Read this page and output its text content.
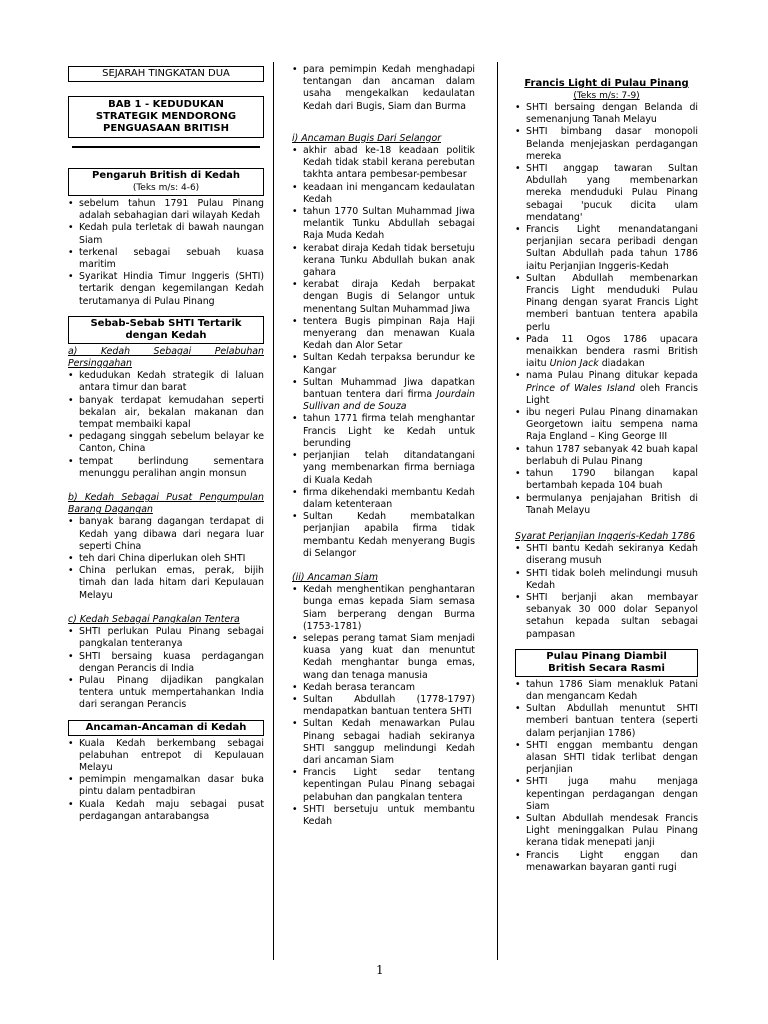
SEJARAH TINGKATAN DUA
BAB 1 - KEDUDUKAN STRATEGIK MENDORONG PENGUASAAN BRITISH
Pengaruh British di Kedah
(Teks m/s: 4-6)
• sebelum tahun 1791 Pulau Pinang adalah sebahagian dari wilayah Kedah
• Kedah pula terletak di bawah naungan Siam
• terkenal sebagai sebuah kuasa maritim
• Syarikat Hindia Timur Inggeris (SHTI) tertarik dengan kegemilangan Kedah terutamanya di Pulau Pinang
Sebab-Sebab SHTI Tertarik dengan Kedah
a) Kedah Sebagai Pelabuhan Persinggahan
• kedudukan Kedah strategik di laluan antara timur dan barat
• banyak terdapat kemudahan seperti bekalan air, bekalan makanan dan tempat membaiki kapal
• pedagang singgah sebelum belayar ke Canton, China
• tempat berlindung sementara menunggu peralihan angin monsun
b) Kedah Sebagai Pusat Pengumpulan Barang Dagangan
• banyak barang dagangan terdapat di Kedah yang dibawa dari negara luar seperti China
• teh dari China diperlukan oleh SHTI
• China perlukan emas, perak, bijih timah dan lada hitam dari Kepulauan Melayu
c) Kedah Sebagai Pangkalan Tentera
• SHTI perlukan Pulau Pinang sebagai pangkalan tenteranya
• SHTI bersaing kuasa perdagangan dengan Perancis di India
• Pulau Pinang dijadikan pangkalan tentera untuk mempertahankan India dari serangan Perancis
Ancaman-Ancaman di Kedah
• Kuala Kedah berkembang sebagai pelabuhan entrepot di Kepulauan Melayu
• pemimpin mengamalkan dasar buka pintu dalam pentadbiran
• Kuala Kedah maju sebagai pusat perdagangan antarabangsa
• para pemimpin Kedah menghadapi tentangan dan ancaman dalam usaha mengekalkan kedaulatan Kedah dari Bugis, Siam dan Burma
i) Ancaman Bugis Dari Selangor
• akhir abad ke-18 keadaan politik Kedah tidak stabil kerana perebutan takhta antara pembesar-pembesar
• keadaan ini mengancam kedaulatan Kedah
• tahun 1770 Sultan Muhammad Jiwa melantik Tunku Abdullah sebagai Raja Muda Kedah
• kerabat diraja Kedah tidak bersetuju kerana Tunku Abdullah bukan anak gahara
• kerabat diraja Kedah berpakat dengan Bugis di Selangor untuk menentang Sultan Muhammad Jiwa
• tentera Bugis pimpinan Raja Haji menyerang dan menawan Kuala Kedah dan Alor Setar
• Sultan Kedah terpaksa berundur ke Kangar
• Sultan Muhammad Jiwa dapatkan bantuan tentera dari firma Jourdain Sullivan and de Souza
• tahun 1771 firma telah menghantar Francis Light ke Kedah untuk berunding
• perjanjian telah ditandatangani yang membenarkan firma berniaga di Kuala Kedah
• firma dikehendaki membantu Kedah dalam ketenteraan
• Sultan Kedah membatalkan perjanjian apabila firma tidak membantu Kedah menyerang Bugis di Selangor
(ii) Ancaman Siam
• Kedah menghentikan penghantaran bunga emas kepada Siam semasa Siam berperang dengan Burma (1753-1781)
• selepas perang tamat Siam menjadi kuasa yang kuat dan menuntut Kedah menghantar bunga emas, wang dan tenaga manusia
• Kedah berasa terancam
• Sultan Abdullah (1778-1797) mendapatkan bantuan tentera SHTI
• Sultan Kedah menawarkan Pulau Pinang sebagai hadiah sekiranya SHTI sanggup melindungi Kedah dari ancaman Siam
• Francis Light sedar tentang kepentingan Pulau Pinang sebagai pelabuhan dan pangkalan tentera
• SHTI bersetuju untuk membantu Kedah
Francis Light di Pulau Pinang
(Teks m/s: 7-9)
• SHTI bersaing dengan Belanda di semenanjung Tanah Melayu
• SHTI bimbang dasar monopoli Belanda menjejaskan perdagangan mereka
• SHTI anggap tawaran Sultan Abdullah yang membenarkan mereka menduduki Pulau Pinang sebagai 'pucuk dicita ulam mendatang'
• Francis Light menandatangani perjanjian secara peribadi dengan Sultan Abdullah pada tahun 1786 iaitu Perjanjian Inggeris-Kedah
• Sultan Abdullah membenarkan Francis Light menduduki Pulau Pinang dengan syarat Francis Light memberi bantuan tentera apabila perlu
• Pada 11 Ogos 1786 upacara menaikkan bendera rasmi British iaitu Union Jack diadakan
• nama Pulau Pinang ditukar kepada Prince of Wales Island oleh Francis Light
• ibu negeri Pulau Pinang dinamakan Georgetown iaitu sempena nama Raja England – King George III
• tahun 1787 sebanyak 42 buah kapal berlabuh di Pulau Pinang
• tahun 1790 bilangan kapal bertambah kepada 104 buah
• bermulanya penjajahan British di Tanah Melayu
Syarat Perjanjian Inggeris-Kedah 1786
• SHTI bantu Kedah sekiranya Kedah diserang musuh
• SHTI tidak boleh melindungi musuh Kedah
• SHTI berjanji akan membayar sebanyak 30 000 dolar Sepanyol setahun kepada sultan sebagai pampasan
Pulau Pinang Diambil British Secara Rasmi
• tahun 1786 Siam menakluk Patani dan mengancam Kedah
• Sultan Abdullah menuntut SHTI memberi bantuan tentera (seperti dalam perjanjian 1786)
• SHTI enggan membantu dengan alasan SHTI tidak terlibat dengan perjanjian
• SHTI juga mahu menjaga kepentingan perdagangan dengan Siam
• Sultan Abdullah mendesak Francis Light meninggalkan Pulau Pinang kerana tidak menepati janji
• Francis Light enggan dan menawarkan bayaran ganti rugi
1
